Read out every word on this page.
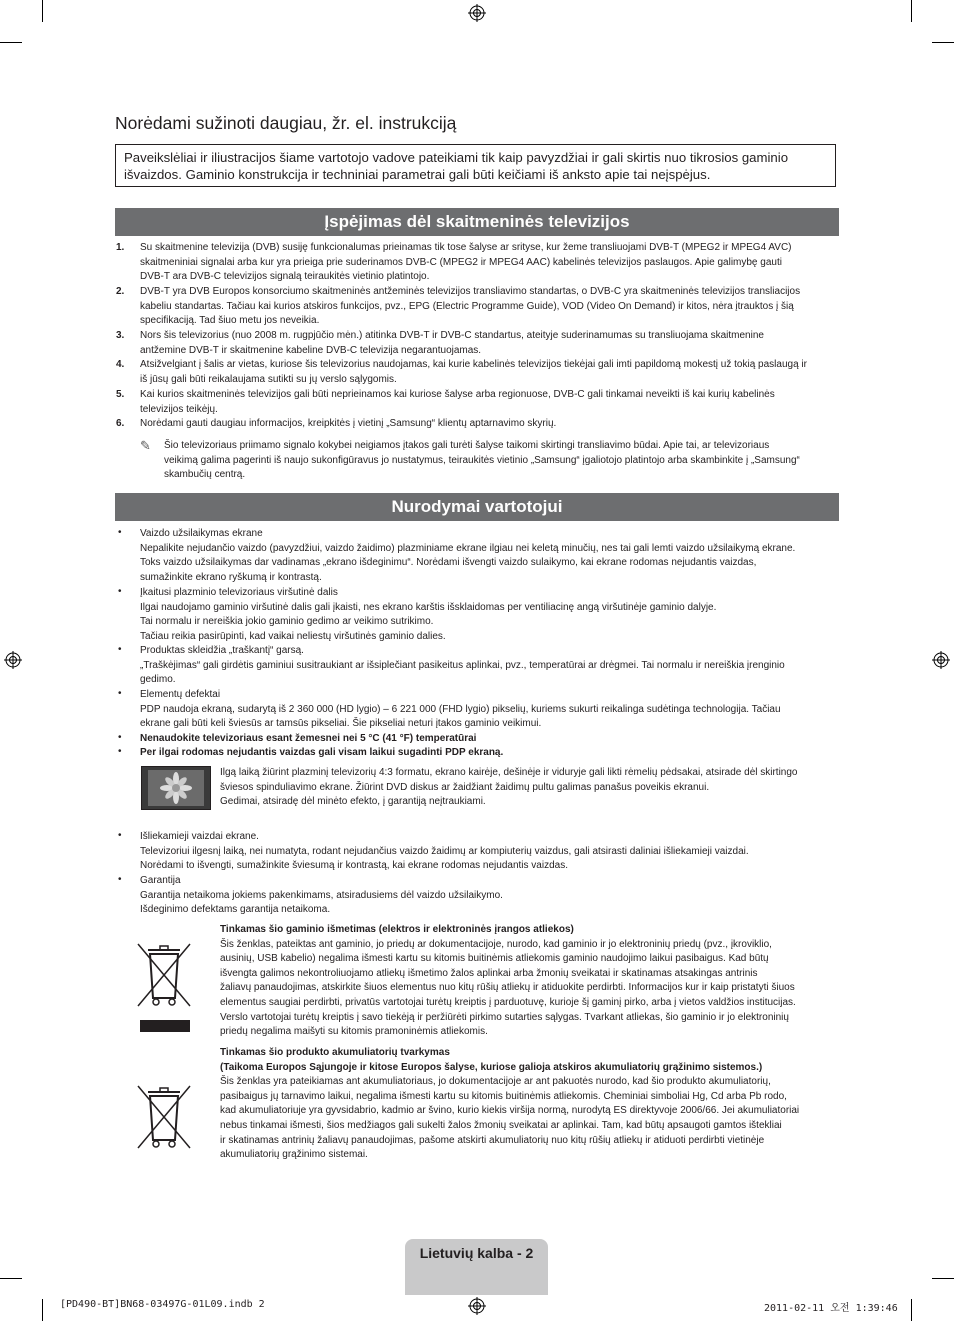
Norėdami sužinoti daugiau, žr. el. instrukciją
Paveikslėliai ir iliustracijos šiame vartotojo vadove pateikiami tik kaip pavyzdžiai ir gali skirtis nuo tikrosios gaminio išvaizdos. Gaminio konstrukcija ir techniniai parametrai gali būti keičiami iš anksto apie tai neįspėjus.
Įspėjimas dėl skaitmeninės televizijos
1. Su skaitmenine televizija (DVB) susiję funkcionalumas prieinamas tik tose šalyse ar srityse, kur žeme transliuojami DVB-T (MPEG2 ir MPEG4 AVC)
skaitmeniniai signalai arba kur yra prieiga prie suderinamos DVB-C (MPEG2 ir MPEG4 AAC) kabelinės televizijos paslaugos. Apie galimybę gauti
DVB-T ara DVB-C televizijos signalą teiraukitės vietinio platintojo.
2. DVB-T yra DVB Europos konsorciumo skaitmeninės antžeminės televizijos transliavimo standartas, o DVB-C yra skaitmeninės televizijos transliacijos
kabeliu standartas. Tačiau kai kurios atskiros funkcijos, pvz., EPG (Electric Programme Guide), VOD (Video On Demand) ir kitos, nėra įtrauktos į šią
specifikaciją. Tad šiuo metu jos neveikia.
3. Nors šis televizorius (nuo 2008 m. rugpjūčio mėn.) atitinka DVB-T ir DVB-C standartus, ateityje suderinamumas su transliuojama skaitmenine
antžemine DVB-T ir skaitmenine kabeline DVB-C televizija negarantuojamas.
4. Atsižvelgiant į šalis ar vietas, kuriose šis televizorius naudojamas, kai kurie kabelinės televizijos tiekėjai gali imti papildomą mokestį už tokią paslaugą ir
iš jūsų gali būti reikalaujama sutikti su jų verslo sąlygomis.
5. Kai kurios skaitmeninės televizijos gali būti neprieinamos kai kuriose šalyse arba regionuose, DVB-C gali tinkamai neveikti iš kai kurių kabelinės
televizijos teikėjų.
6. Norėdami gauti daugiau informacijos, kreipkitės į vietinį „Samsung“ klientų aptarnavimo skyrių.
✎ Šio televizoriaus priimamo signalo kokybei neigiamos įtakos gali turėti šalyse taikomi skirtingi transliavimo būdai. Apie tai, ar televizoriaus
veikimą galima pagerinti iš naujo sukonfigūravus jo nustatymus, teiraukitės vietinio „Samsung“ įgaliotojo platintojo arba skambinkite į „Samsung“
skambučių centrą.
Nurodymai vartotojui
• Vaizdo užsilaikymas ekrane
Nepalikite nejudančio vaizdo (pavyzdžiui, vaizdo žaidimo) plazminiame ekrane ilgiau nei keletą minučių, nes tai gali lemti vaizdo užsilaikymą ekrane.
Toks vaizdo užsilaikymas dar vadinamas „ekrano išdeginimu“. Norėdami išvengti vaizdo sulaikymo, kai ekrane rodomas nejudantis vaizdas,
sumažinkite ekrano ryškumą ir kontrastą.
• Įkaitusi plazminio televizoriaus viršutinė dalis
Ilgai naudojamo gaminio viršutinė dalis gali įkaisti, nes ekrano karštis išsklaidomas per ventiliacinę angą viršutinėje gaminio dalyje.
Tai normalu ir nereiškia jokio gaminio gedimo ar veikimo sutrikimo.
Tačiau reikia pasirūpinti, kad vaikai neliestų viršutinės gaminio dalies.
• Produktas skleidžia „traškantį“ garsą.
„Traškėjimas“ gali girdėtis gaminiui susitraukiant ar išsiplečiant pasikeitus aplinkai, pvz., temperatūrai ar drėgmei. Tai normalu ir nereiškia įrenginio
gedimo.
• Elementų defektai
PDP naudoja ekraną, sudarytą iš 2 360 000 (HD lygio) – 6 221 000 (FHD lygio) pikselių, kuriems sukurti reikalinga sudėtinga technologija. Tačiau
ekrane gali būti keli šviesūs ar tamsūs pikseliai. Šie pikseliai neturi įtakos gaminio veikimui.
• Nenaudokite televizoriaus esant žemesnei nei 5 °C (41 °F) temperatūrai
• Per ilgai rodomas nejudantis vaizdas gali visam laikui sugadinti PDP ekraną.
Ilgą laiką žiūrint plazminį televizorių 4:3 formatu, ekrano kairėje, dešinėje ir viduryje gali likti rėmelių pėdsakai, atsirade dėl skirtingo
šviesos spinduliavimo ekrane. Žiūrint DVD diskus ar žaidžiant žaidimų pultu galimas panašus poveikis ekranui.
Gedimai, atsiradę dėl minėto efekto, į garantiją neįtraukiami.
• Išliekamieji vaizdai ekrane.
Televizoriui ilgesnį laiką, nei numatyta, rodant nejudančius vaizdo žaidimų ar kompiuterių vaizdus, gali atsirasti daliniai išliekamieji vaizdai.
Norėdami to išvengti, sumažinkite šviesumą ir kontrastą, kai ekrane rodomas nejudantis vaizdas.
• Garantija
Garantija netaikoma jokiems pakenkimams, atsiradusiems dėl vaizdo užsilaikymo.
Išdeginimo defektams garantija netaikoma.
Tinkamas šio gaminio išmetimas (elektros ir elektroninės įrangos atliekos)
Šis ženklas, pateiktas ant gaminio, jo priedų ar dokumentacijoje, nurodo, kad gaminio ir jo elektroninių priedų (pvz., įkroviklio,
ausinių, USB kabelio) negalima išmesti kartu su kitomis buitinėmis atliekomis gaminio naudojimo laikui pasibaigus. Kad būtų
išvengta galimos nekontroliuojamo atliekų išmetimo žalos aplinkai arba žmonių sveikatai ir skatinamas atsakingas antrinis
žaliavų panaudojimas, atskirkite šiuos elementus nuo kitų rūšių atliekų ir atiduokite perdirbti. Informacijos kur ir kaip pristatyti šiuos
elementus saugiai perdirbti, privatūs vartotojai turėtų kreiptis į parduotuvę, kurioje šį gaminį pirko, arba į vietos valdžios institucijas.
Verslo vartotojai turėtų kreiptis į savo tiekėją ir peržiūrėti pirkimo sutarties sąlygas. Tvarkant atliekas, šio gaminio ir jo elektroninių
priedų negalima maišyti su kitomis pramoninėmis atliekomis.
Tinkamas šio produkto akumuliatorių tvarkymas
(Taikoma Europos Sąjungoje ir kitose Europos šalyse, kuriose galioja atskiros akumuliatorių grąžinimo sistemos.)
Šis ženklas yra pateikiamas ant akumuliatoriaus, jo dokumentacijoje ar ant pakuotės nurodo, kad šio produkto akumuliatorių,
pasibaigus jų tarnavimo laikui, negalima išmesti kartu su kitomis buitinėmis atliekomis. Cheminiai simboliai Hg, Cd arba Pb rodo,
kad akumuliatoriuje yra gyvsidabrio, kadmio ar švino, kurio kiekis viršija normą, nurodytą ES direktyvoje 2006/66. Jei akumuliatoriai
nebus tinkamai išmesti, šios medžiagos gali sukelti žalos žmonių sveikatai ar aplinkai. Tam, kad būtų apsaugoti gamtos ištekliai
ir skatinamas antrinių žaliavų panaudojimas, pašome atskirti akumuliatorių nuo kitų rūšių atliekų ir atiduoti perdirbti vietinėje
akumuliatorių grąžinimo sistemai.
Lietuvių kalba - 2
[PD490-BT]BN68-03497G-01L09.indb 2	2011-02-11 오전 1:39:46
